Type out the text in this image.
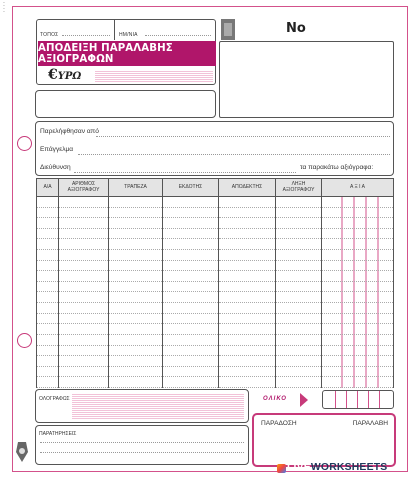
:
:
ΤΟΠΟΣ	ΗΜ/ΝΙΑ
ΑΠΟΔΕΙΞΗ ΠΑΡΑΛΑΒΗΣ ΑΞΙΟΓΡΑΦΩΝ
€ΥΡΩ
No
Παρελήφθησαν από
Επάγγελμα
Διεύθυνση	τα παρακάτω αξιόγραφα:
Α/Α	ΑΡΙΘΜΟΣ ΑΞΙΟΓΡΑΦΟΥ	ΤΡΑΠΕΖΑ	ΕΚΔΟΤΗΣ	ΑΠΟΔΕΚΤΗΣ	ΛΗΞΗ ΑΞΙΟΓΡΑΦΟΥ	Α Ξ Ι Α

ΟΛΟΓΡΑΦΩΣ
ΠΑΡΑΤΗΡΗΣΕΙΣ
ΟΛΙΚΟ
ΠΑΡΑΔΟΣΗ	ΠΑΡΑΛΑΒΗ
LIVEWORKSHEETS
